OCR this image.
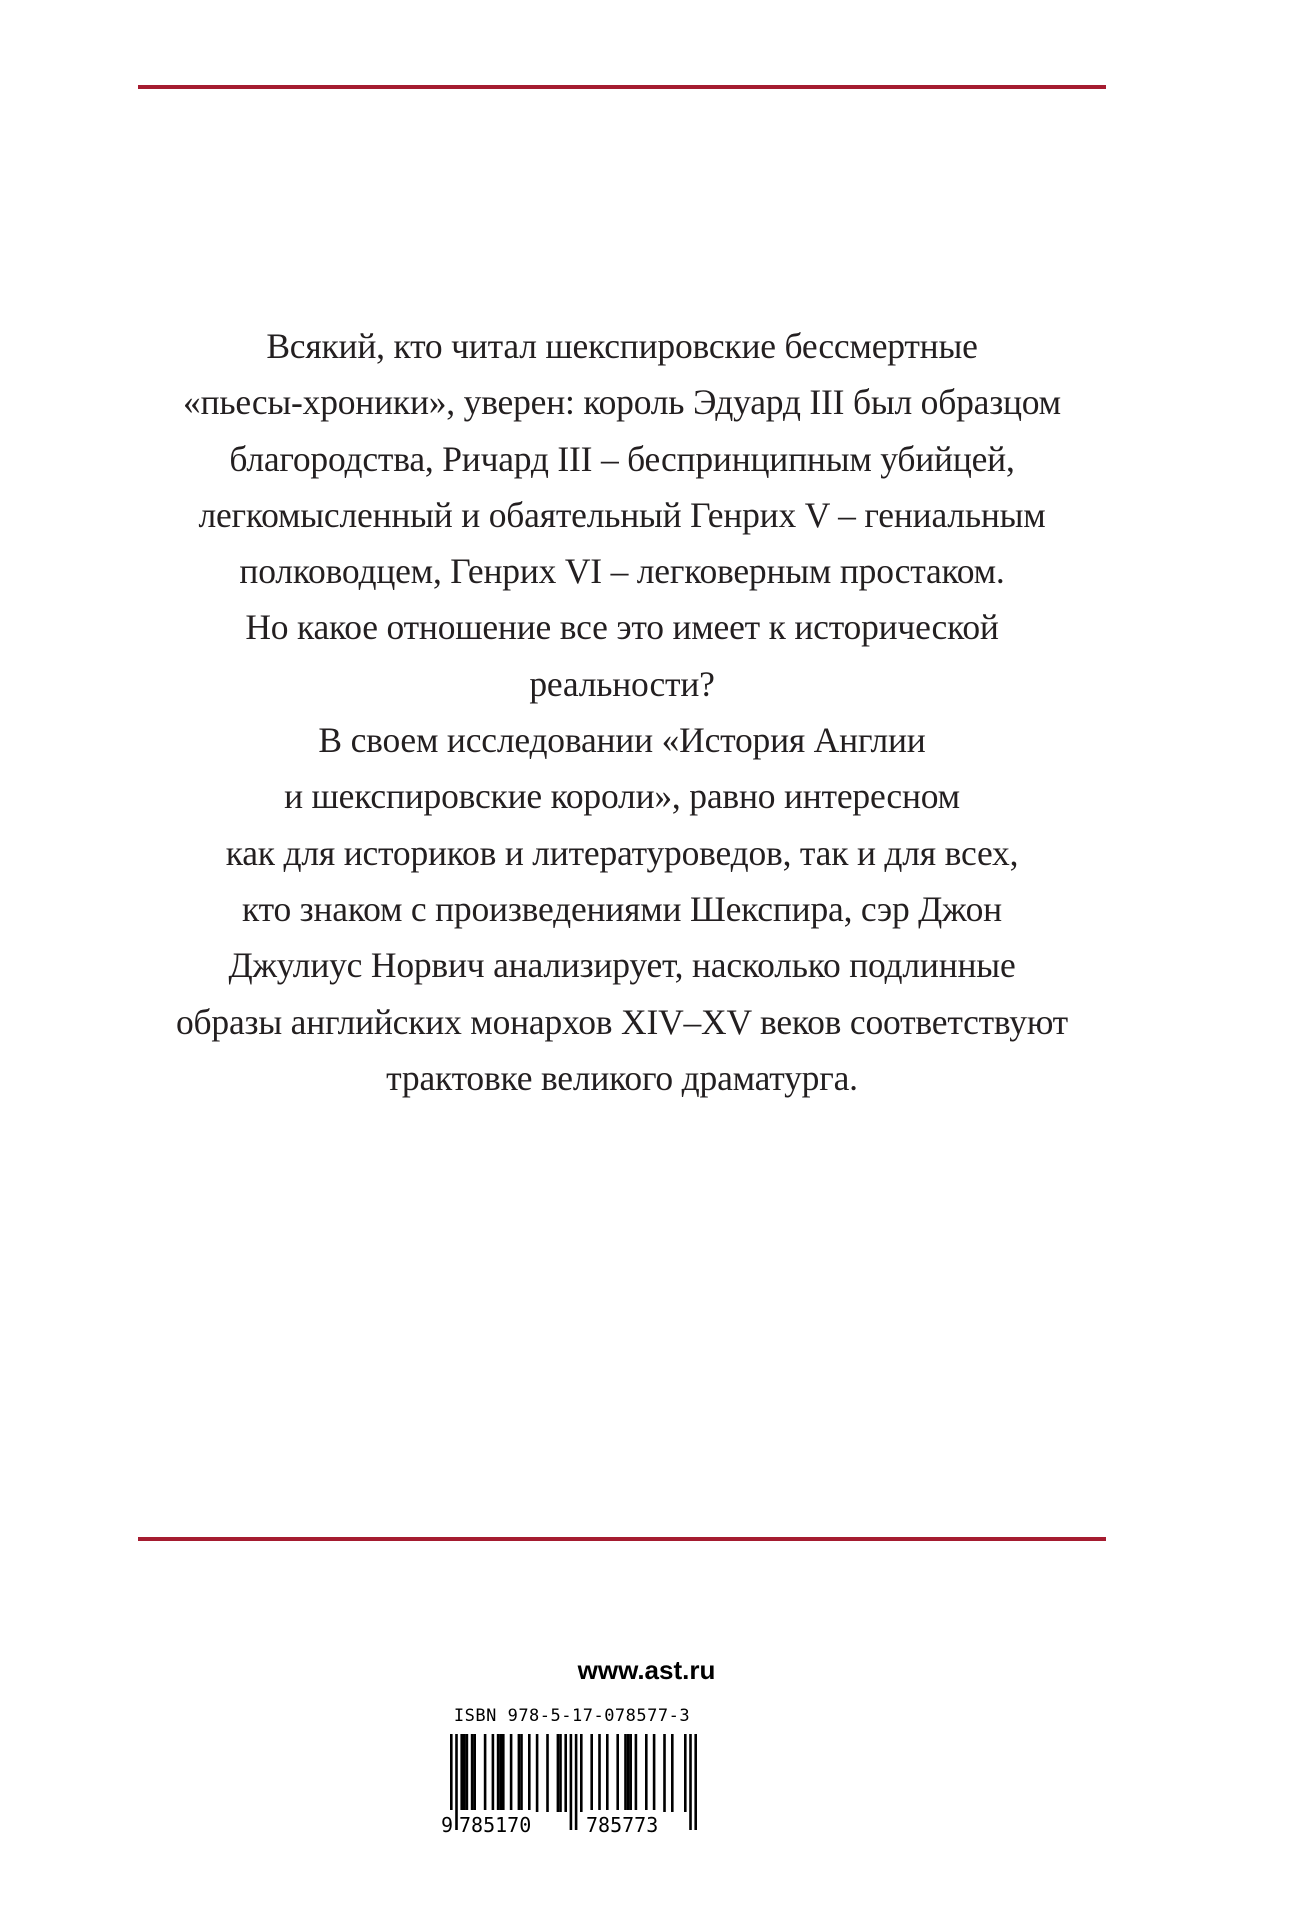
Всякий, кто читал шекспировские бессмертные
«пьесы-хроники», уверен: король Эдуард III был образцом
благородства, Ричард III – беспринципным убийцей,
легкомысленный и обаятельный Генрих V – гениальным
полководцем, Генрих VI – легковерным простаком.
Но какое отношение все это имеет к исторической
реальности?
В своем исследовании «История Англии
и шекспировские короли», равно интересном
как для историков и литературоведов, так и для всех,
кто знаком с произведениями Шекспира, сэр Джон
Джулиус Норвич анализирует, насколько подлинные
образы английских монархов XIV–XV веков соответствуют
трактовке великого драматурга.
www.ast.ru
ISBN 978-5-17-078577-3
9 785170	785773
